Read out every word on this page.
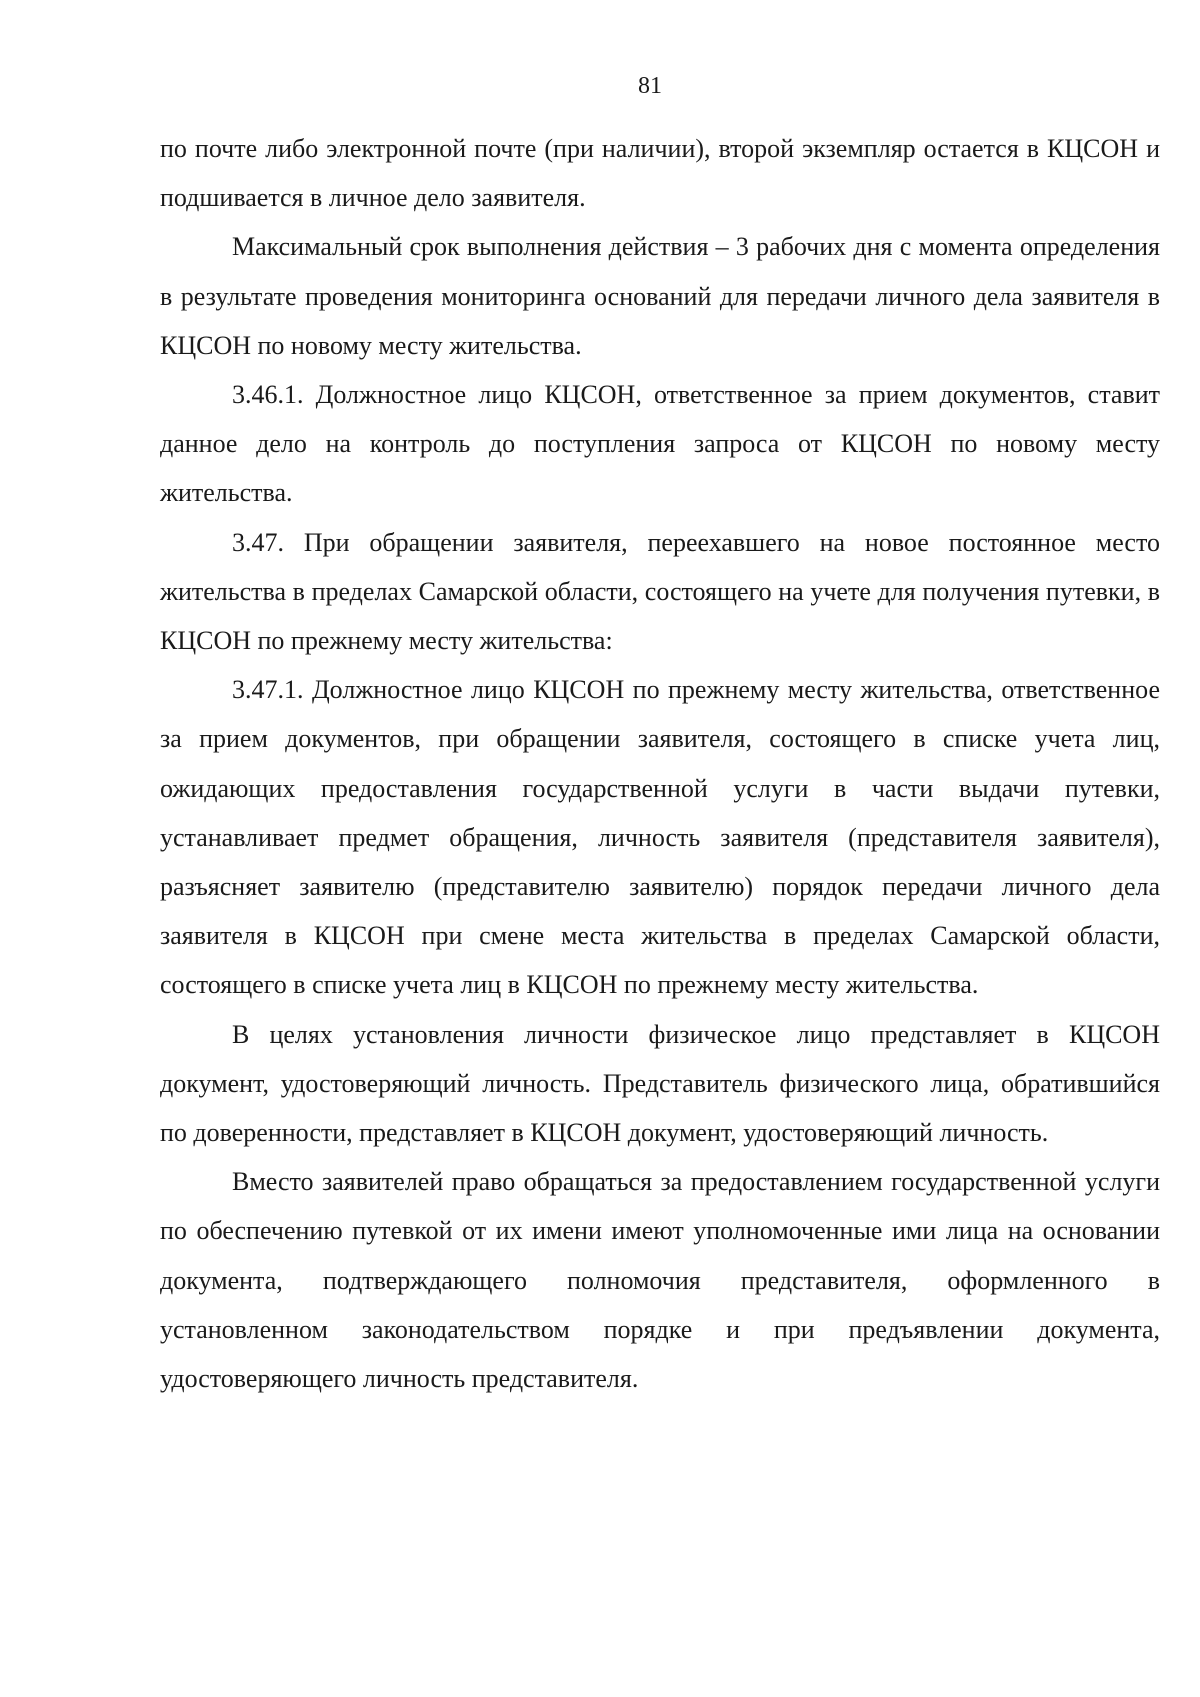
81

по почте либо электронной почте (при наличии), второй экземпляр остается в КЦСОН и подшивается в личное дело заявителя.

Максимальный срок выполнения действия – 3 рабочих дня с момента определения в результате проведения мониторинга оснований для передачи личного дела заявителя в КЦСОН по новому месту жительства.

3.46.1. Должностное лицо КЦСОН, ответственное за прием документов, ставит данное дело на контроль до поступления запроса от КЦСОН по новому месту жительства.

3.47. При обращении заявителя, переехавшего на новое постоянное место жительства в пределах Самарской области, состоящего на учете для получения путевки, в КЦСОН по прежнему месту жительства:

3.47.1. Должностное лицо КЦСОН по прежнему месту жительства, ответственное за прием документов, при обращении заявителя, состоящего в списке учета лиц, ожидающих предоставления государственной услуги в части выдачи путевки, устанавливает предмет обращения, личность заявителя (представителя заявителя), разъясняет заявителю (представителю заявителю) порядок передачи личного дела заявителя в КЦСОН при смене места жительства в пределах Самарской области, состоящего в списке учета лиц в КЦСОН по прежнему месту жительства.

В целях установления личности физическое лицо представляет в КЦСОН документ, удостоверяющий личность. Представитель физического лица, обратившийся по доверенности, представляет в КЦСОН документ, удостоверяющий личность.

Вместо заявителей право обращаться за предоставлением государственной услуги по обеспечению путевкой от их имени имеют уполномоченные ими лица на основании документа, подтверждающего полномочия представителя, оформленного в установленном законодательством порядке и при предъявлении документа, удостоверяющего личность представителя.
